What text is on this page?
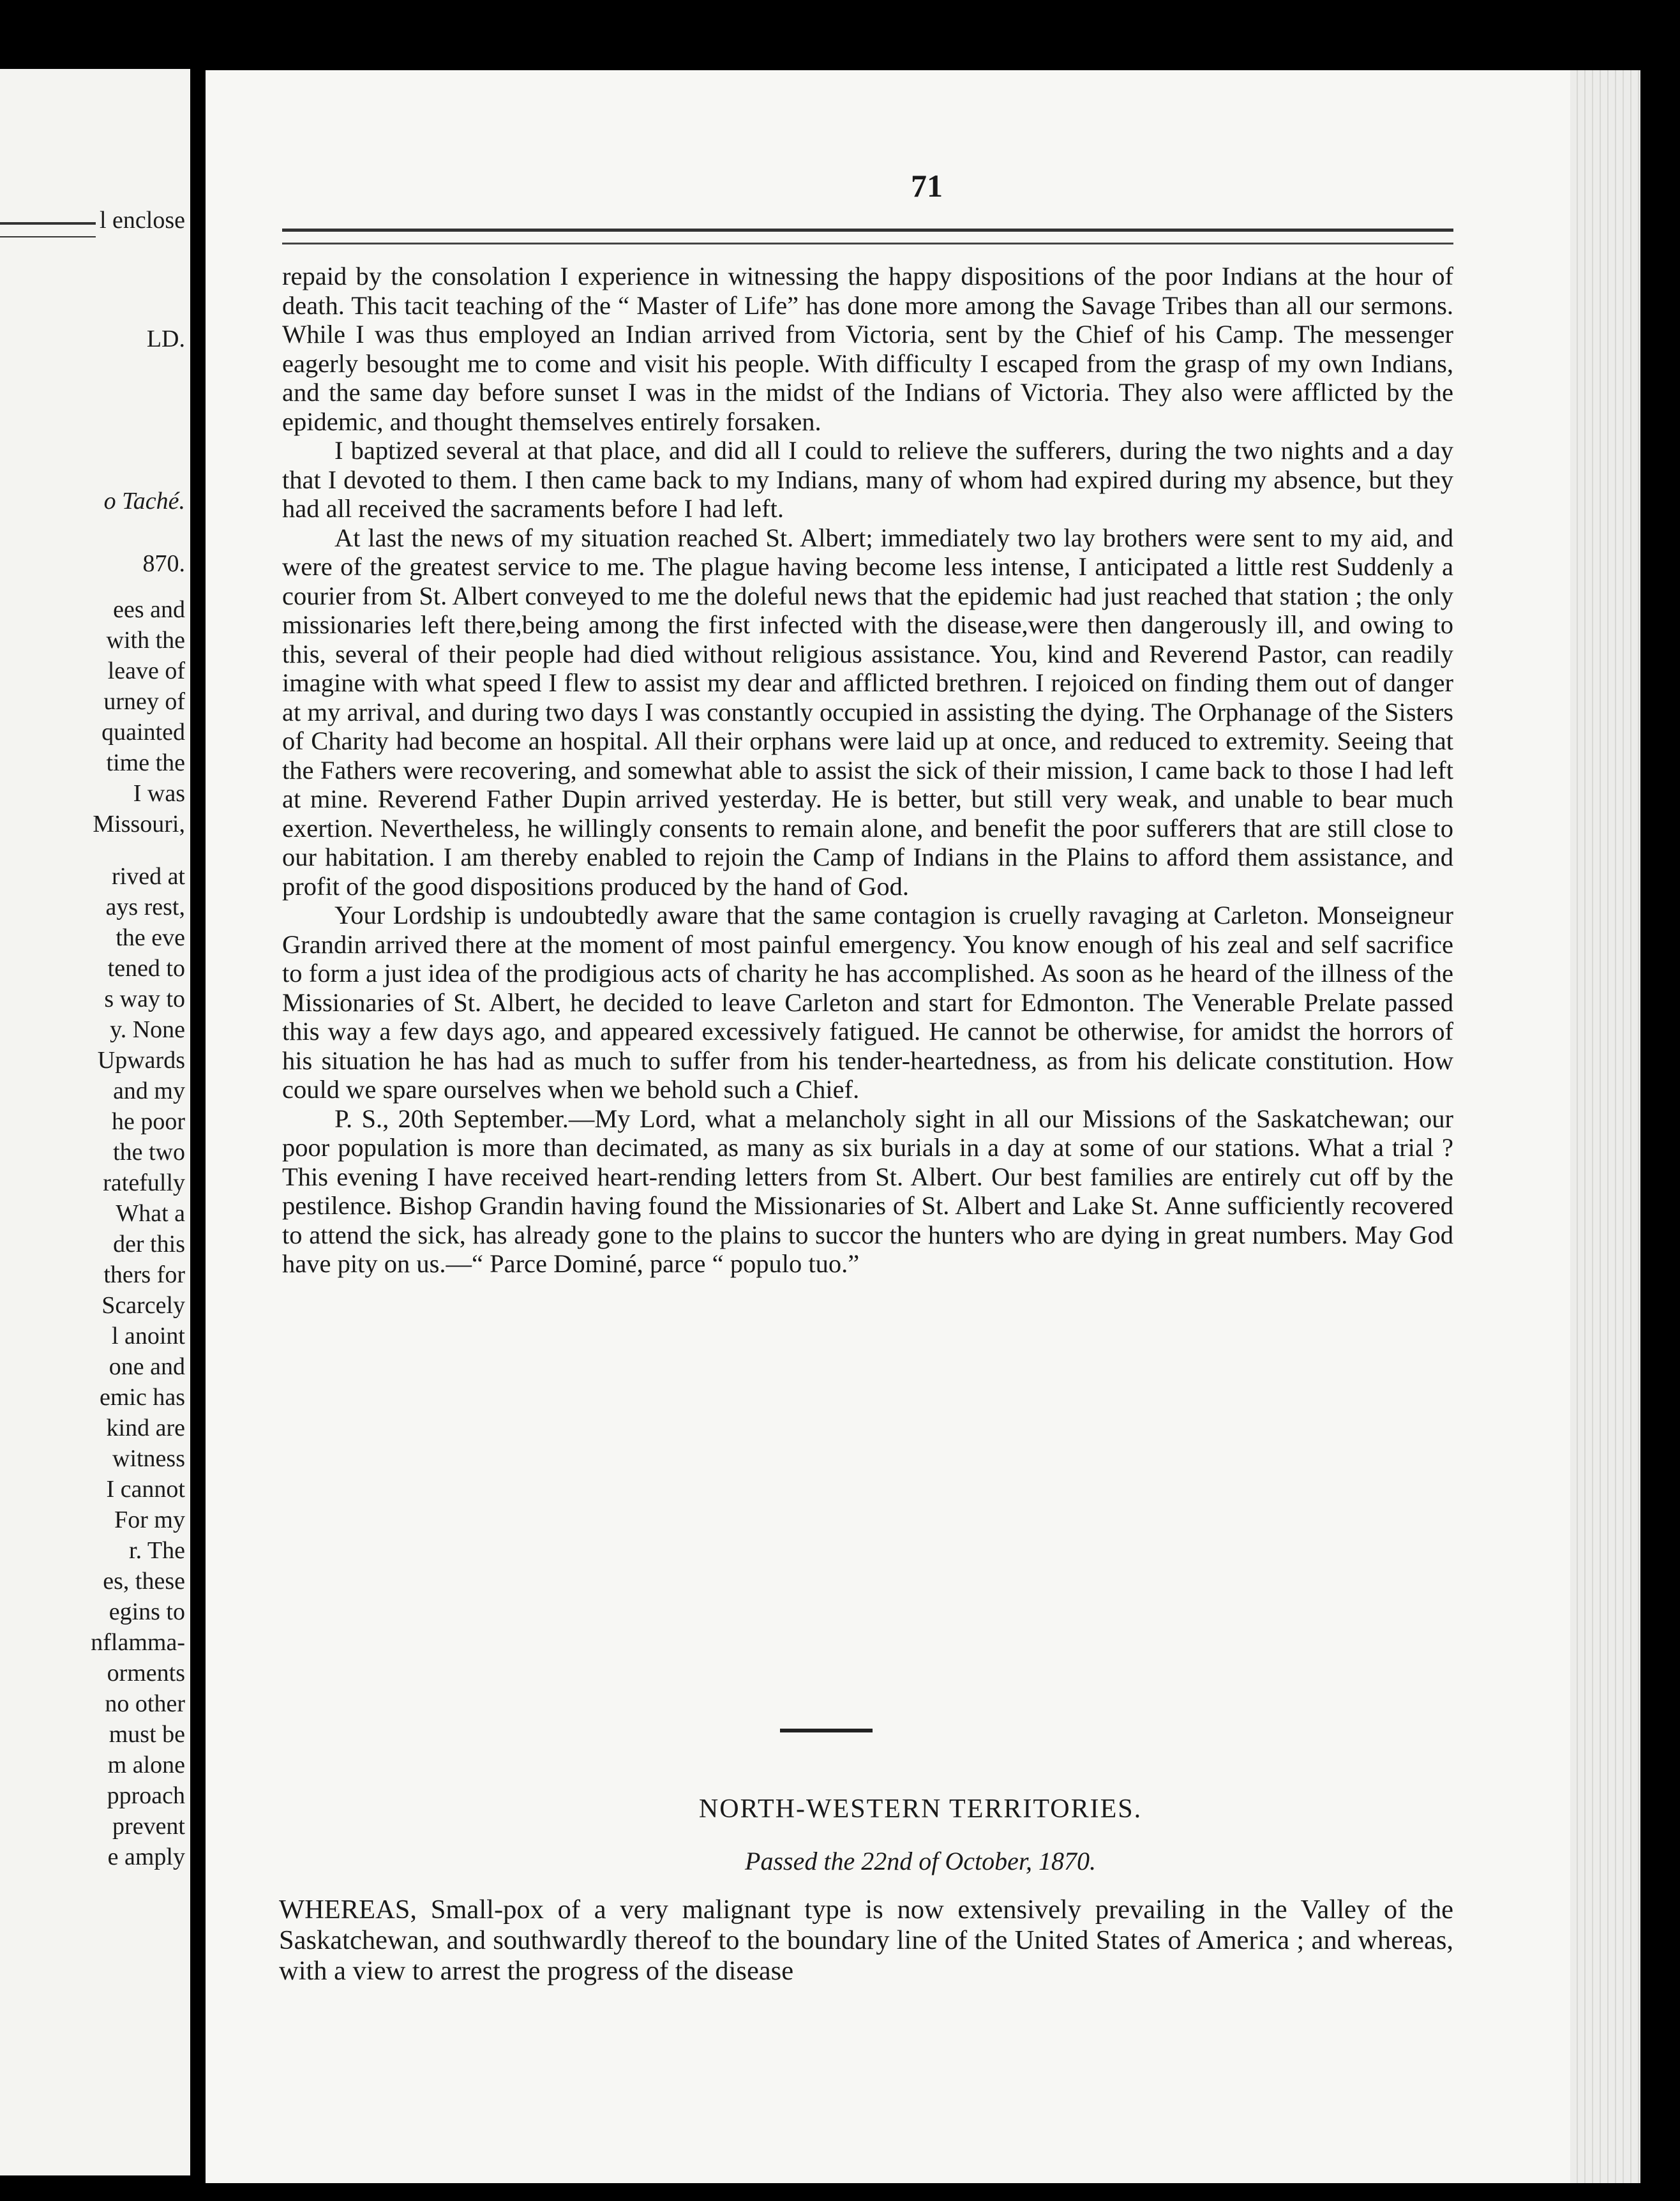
l enclose
LD.
o Taché.
870.
ees and
with the
leave of
urney of
quainted
time the
I was
Missouri,
rived at
ays rest,
the eve
tened to
s way to
y. None
Upwards
and my
he poor
the two
ratefully
What a
der this
thers for
Scarcely
l anoint
one and
emic has
kind are
witness
I cannot
For my
r. The
es, these
egins to
nflamma-
orments
no other
must be
m alone
pproach
prevent
e amply
71

repaid by the consolation I experience in witnessing the happy dispositions of the poor Indians at the hour of death. This tacit teaching of the “ Master of Life” has done more among the Savage Tribes than all our sermons. While I was thus employed an Indian arrived from Victoria, sent by the Chief of his Camp. The messenger eagerly besought me to come and visit his people. With difficulty I escaped from the grasp of my own Indians, and the same day before sunset I was in the midst of the Indians of Victoria. They also were afflicted by the epidemic, and thought themselves entirely forsaken.

I baptized several at that place, and did all I could to relieve the sufferers, during the two nights and a day that I devoted to them. I then came back to my Indians, many of whom had expired during my absence, but they had all received the sacraments before I had left.

At last the news of my situation reached St. Albert; immediately two lay brothers were sent to my aid, and were of the greatest service to me. The plague having become less intense, I anticipated a little rest Suddenly a courier from St. Albert conveyed to me the doleful news that the epidemic had just reached that station ; the only missionaries left there,being among the first infected with the disease,were then dangerously ill, and owing to this, several of their people had died without religious assistance. You, kind and Reverend Pastor, can readily imagine with what speed I flew to assist my dear and afflicted brethren. I rejoiced on finding them out of danger at my arrival, and during two days I was constantly occupied in assisting the dying. The Orphanage of the Sisters of Charity had become an hospital. All their orphans were laid up at once, and reduced to extremity. Seeing that the Fathers were recovering, and somewhat able to assist the sick of their mission, I came back to those I had left at mine. Reverend Father Dupin arrived yesterday. He is better, but still very weak, and unable to bear much exertion. Nevertheless, he willingly consents to remain alone, and benefit the poor sufferers that are still close to our habitation. I am thereby enabled to rejoin the Camp of Indians in the Plains to afford them assistance, and profit of the good dispositions produced by the hand of God.

Your Lordship is undoubtedly aware that the same contagion is cruelly ravaging at Carleton. Monseigneur Grandin arrived there at the moment of most painful emergency. You know enough of his zeal and self sacrifice to form a just idea of the prodigious acts of charity he has accomplished. As soon as he heard of the illness of the Missionaries of St. Albert, he decided to leave Carleton and start for Edmonton. The Venerable Prelate passed this way a few days ago, and appeared excessively fatigued. He cannot be otherwise, for amidst the horrors of his situation he has had as much to suffer from his tender-heartedness, as from his delicate constitution. How could we spare ourselves when we behold such a Chief.

P. S., 20th September.—My Lord, what a melancholy sight in all our Missions of the Saskatchewan; our poor population is more than decimated, as many as six burials in a day at some of our stations. What a trial ? This evening I have received heart-rending letters from St. Albert. Our best families are entirely cut off by the pestilence. Bishop Grandin having found the Missionaries of St. Albert and Lake St. Anne sufficiently recovered to attend the sick, has already gone to the plains to succor the hunters who are dying in great numbers. May God have pity on us.—“ Parce Dominé, parce “ populo tuo.”

NORTH-WESTERN TERRITORIES.
Passed the 22nd of October, 1870.
WHEREAS, Small-pox of a very malignant type is now extensively prevailing in the Valley of the Saskatchewan, and southwardly thereof to the boundary line of the United States of America ; and whereas, with a view to arrest the progress of the disease
